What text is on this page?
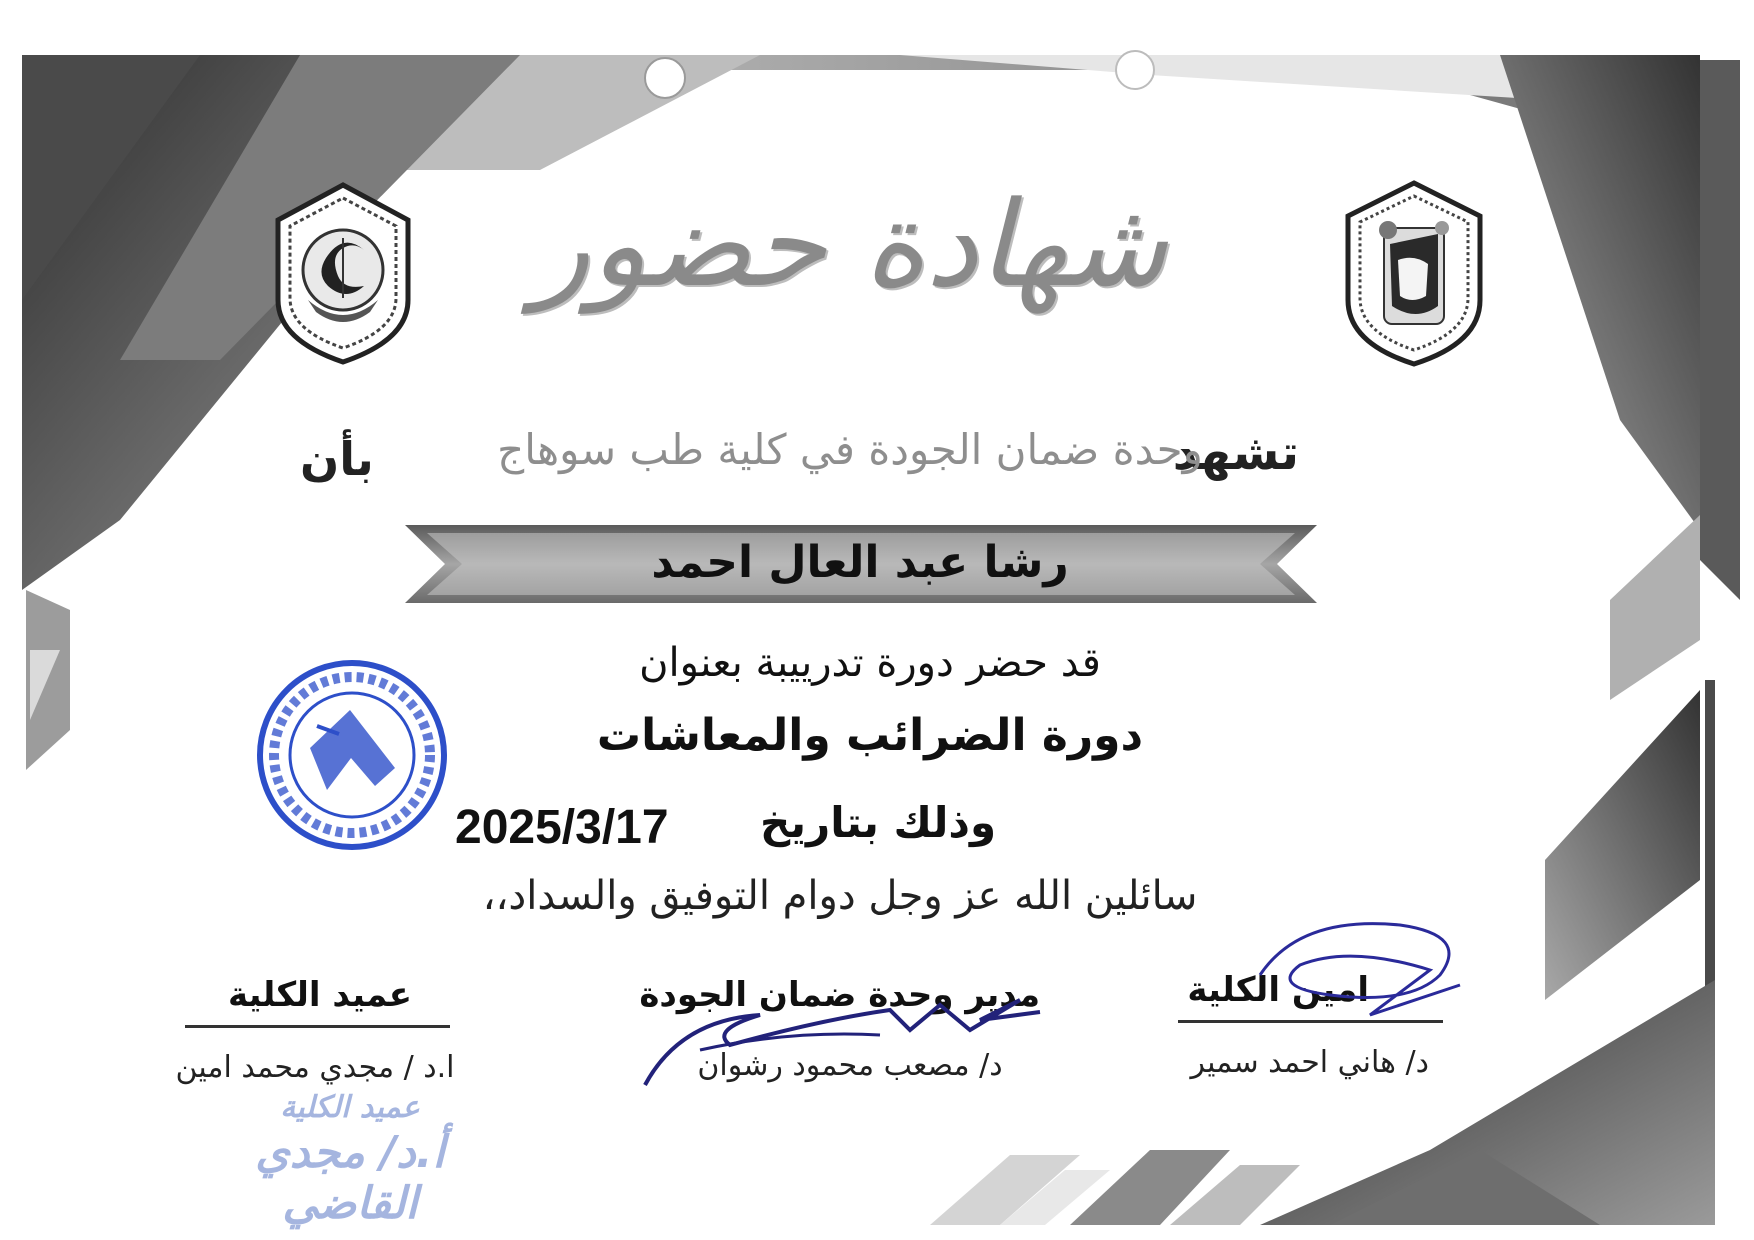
شهادة حضور
تشهد
وحدة ضمان الجودة في كلية طب سوهاج
بأن
رشا عبد العال احمد
قد حضر دورة تدرييبة بعنوان
دورة الضرائب والمعاشات
وذلك بتاريخ
2025/3/17
سائلين الله عز وجل دوام التوفيق والسداد،،
امين الكلية
د/ هاني احمد سمير
مدير وحدة ضمان الجودة
د/ مصعب محمود رشوان
عميد الكلية
ا.د / مجدي محمد امين
عميد الكلية
أ.د/ مجدي القاضي
